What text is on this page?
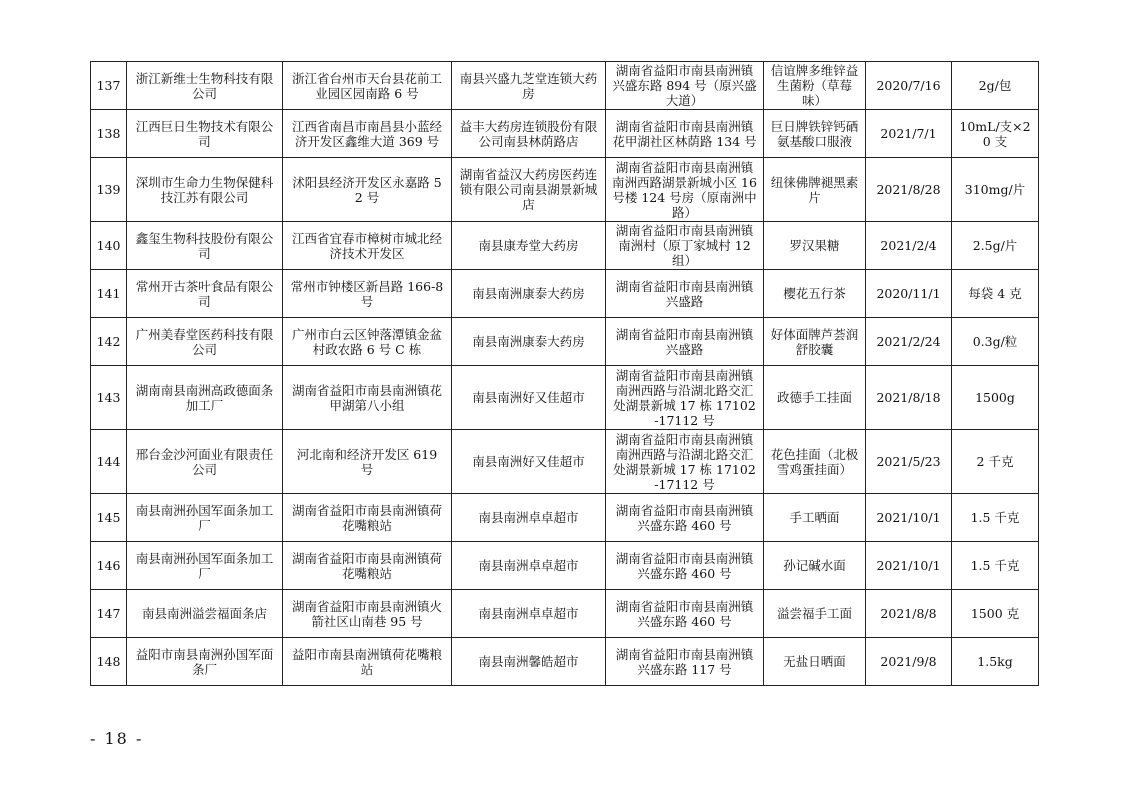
137	浙江新维士生物科技有限公司	浙江省台州市天台县花前工业园区园南路 6 号	南县兴盛九芝堂连锁大药房	湖南省益阳市南县南洲镇兴盛东路 894 号（原兴盛大道）	信谊牌多维锌益生菌粉（草莓味）	2020/7/16	2g/包
138	江西巨日生物技术有限公司	江西省南昌市南昌县小蓝经济开发区鑫维大道 369 号	益丰大药房连锁股份有限公司南县林荫路店	湖南省益阳市南县南洲镇花甲湖社区林荫路 134 号	巨日牌铁锌钙硒氨基酸口服液	2021/7/1	10mL/支×20 支
139	深圳市生命力生物保健科技江苏有限公司	沭阳县经济开发区永嘉路 52 号	湖南省益汉大药房医药连锁有限公司南县湖景新城店	湖南省益阳市南县南洲镇南洲西路湖景新城小区 16 号楼 124 号房（原南洲中路）	纽徕佛牌褪黑素片	2021/8/28	310mg/片
140	鑫玺生物科技股份有限公司	江西省宜春市樟树市城北经济技术开发区	南县康寿堂大药房	湖南省益阳市南县南洲镇南洲村（原丁家城村 12 组）	罗汉果糖	2021/2/4	2.5g/片
141	常州开古茶叶食品有限公司	常州市钟楼区新昌路 166-8 号	南县南洲康泰大药房	湖南省益阳市南县南洲镇兴盛路	樱花五行茶	2020/11/1	每袋 4 克
142	广州美春堂医药科技有限公司	广州市白云区钟落潭镇金盆村政农路 6 号 C 栋	南县南洲康泰大药房	湖南省益阳市南县南洲镇兴盛路	好体面牌芦荟润舒胶囊	2021/2/24	0.3g/粒
143	湖南南县南洲高政德面条加工厂	湖南省益阳市南县南洲镇花甲湖第八小组	南县南洲好又佳超市	湖南省益阳市南县南洲镇南洲西路与沿湖北路交汇处湖景新城 17 栋 17102-17112 号	政德手工挂面	2021/8/18	1500g
144	邢台金沙河面业有限责任公司	河北南和经济开发区 619 号	南县南洲好又佳超市	湖南省益阳市南县南洲镇南洲西路与沿湖北路交汇处湖景新城 17 栋 17102-17112 号	花色挂面（北极雪鸡蛋挂面）	2021/5/23	2 千克
145	南县南洲孙国军面条加工厂	湖南省益阳市南县南洲镇荷花嘴粮站	南县南洲卓卓超市	湖南省益阳市南县南洲镇兴盛东路 460 号	手工晒面	2021/10/1	1.5 千克
146	南县南洲孙国军面条加工厂	湖南省益阳市南县南洲镇荷花嘴粮站	南县南洲卓卓超市	湖南省益阳市南县南洲镇兴盛东路 460 号	孙记碱水面	2021/10/1	1.5 千克
147	南县南洲溢尝福面条店	湖南省益阳市南县南洲镇火箭社区山南巷 95 号	南县南洲卓卓超市	湖南省益阳市南县南洲镇兴盛东路 460 号	溢尝福手工面	2021/8/8	1500 克
148	益阳市南县南洲孙国军面条厂	益阳市南县南洲镇荷花嘴粮站	南县南洲馨皓超市	湖南省益阳市南县南洲镇兴盛东路 117 号	无盐日晒面	2021/9/8	1.5kg
- 18 -
